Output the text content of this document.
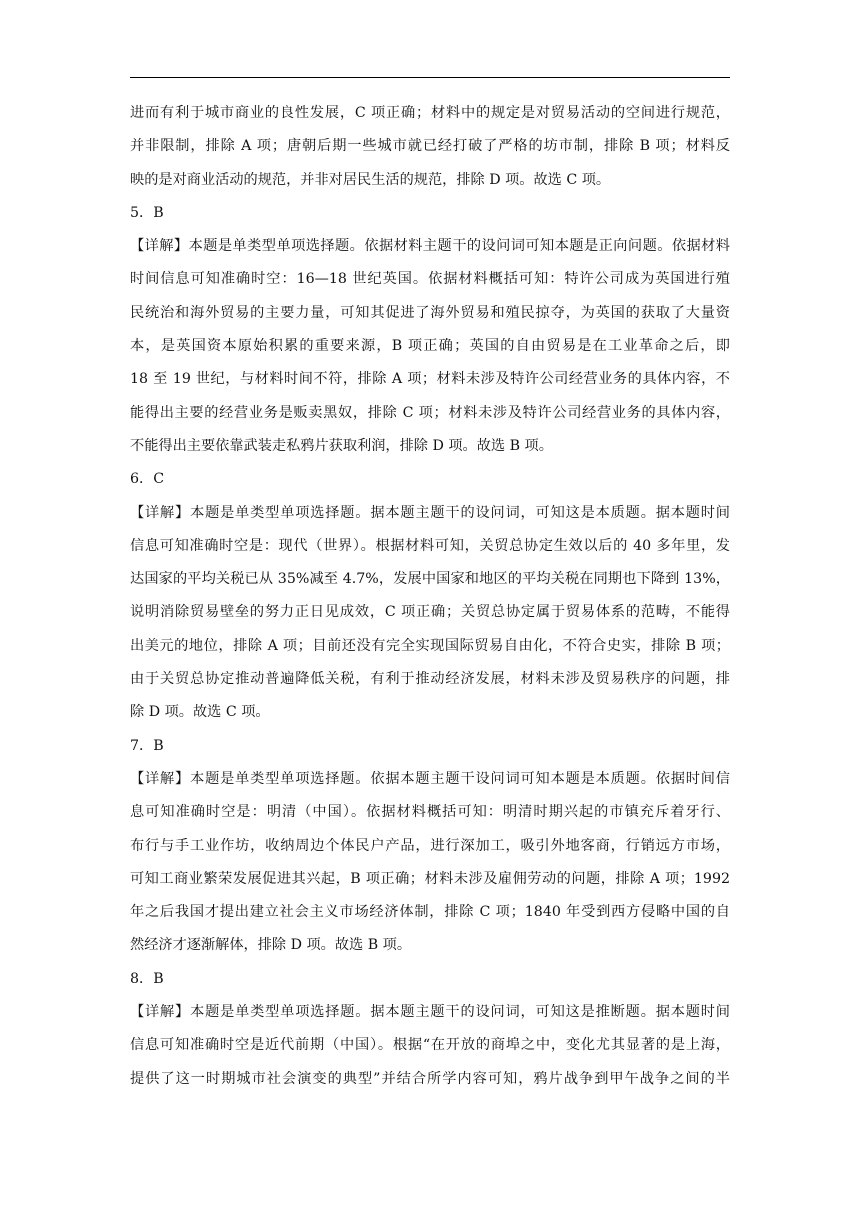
进而有利于城市商业的良性发展，C 项正确；材料中的规定是对贸易活动的空间进行规范，
并非限制，排除 A 项；唐朝后期一些城市就已经打破了严格的坊市制，排除 B 项；材料反
映的是对商业活动的规范，并非对居民生活的规范，排除 D 项。故选 C 项。
5．B
【详解】本题是单类型单项选择题。依据材料主题干的设问词可知本题是正向问题。依据材料
时间信息可知准确时空：16—18 世纪英国。依据材料概括可知：特许公司成为英国进行殖
民统治和海外贸易的主要力量，可知其促进了海外贸易和殖民掠夺，为英国的获取了大量资
本，是英国资本原始积累的重要来源，B 项正确；英国的自由贸易是在工业革命之后，即
18 至 19 世纪，与材料时间不符，排除 A 项；材料未涉及特许公司经营业务的具体内容，不
能得出主要的经营业务是贩卖黑奴，排除 C 项；材料未涉及特许公司经营业务的具体内容，
不能得出主要依靠武装走私鸦片获取利润，排除 D 项。故选 B 项。
6．C
【详解】本题是单类型单项选择题。据本题主题干的设问词，可知这是本质题。据本题时间
信息可知准确时空是：现代（世界）。根据材料可知，关贸总协定生效以后的 40 多年里，发
达国家的平均关税已从 35%减至 4.7%，发展中国家和地区的平均关税在同期也下降到 13%，
说明消除贸易壁垒的努力正日见成效，C 项正确；关贸总协定属于贸易体系的范畴，不能得
出美元的地位，排除 A 项；目前还没有完全实现国际贸易自由化，不符合史实，排除 B 项；
由于关贸总协定推动普遍降低关税，有利于推动经济发展，材料未涉及贸易秩序的问题，排
除 D 项。故选 C 项。
7．B
【详解】本题是单类型单项选择题。依据本题主题干设问词可知本题是本质题。依据时间信
息可知准确时空是：明清（中国）。依据材料概括可知：明清时期兴起的市镇充斥着牙行、
布行与手工业作坊，收纳周边个体民户产品，进行深加工，吸引外地客商，行销远方市场，
可知工商业繁荣发展促进其兴起，B 项正确；材料未涉及雇佣劳动的问题，排除 A 项；1992
年之后我国才提出建立社会主义市场经济体制，排除 C 项；1840 年受到西方侵略中国的自
然经济才逐渐解体，排除 D 项。故选 B 项。
8．B
【详解】本题是单类型单项选择题。据本题主题干的设问词，可知这是推断题。据本题时间
信息可知准确时空是近代前期（中国）。根据“在开放的商埠之中，变化尤其显著的是上海，
提供了这一时期城市社会演变的典型”并结合所学内容可知，鸦片战争到甲午战争之间的半
